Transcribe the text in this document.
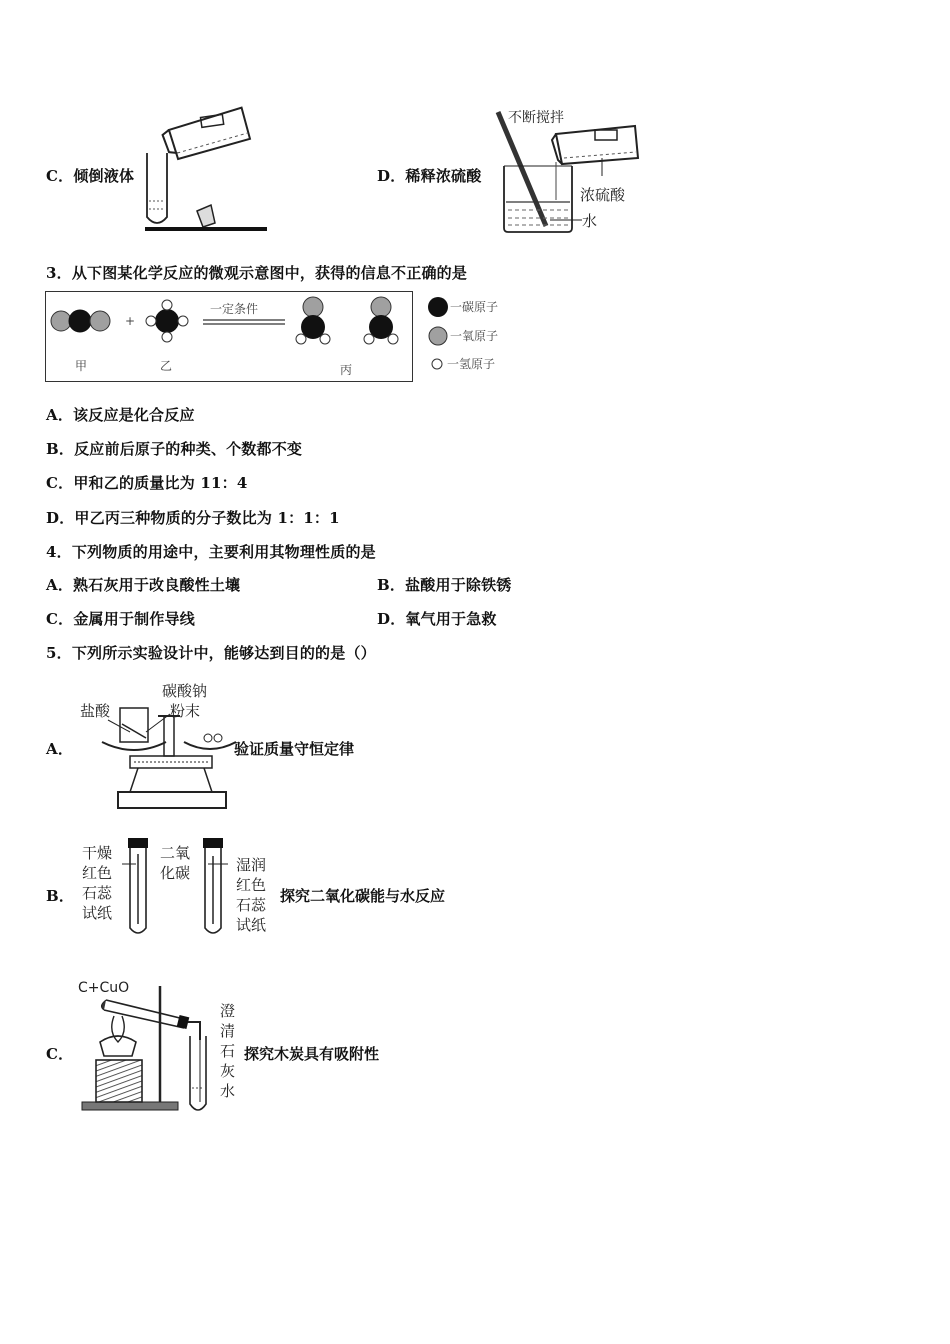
C．倾倒液体	D．稀释浓硫酸
不断搅拌
浓硫酸
水
3．从下图某化学反应的微观示意图中，获得的信息不正确的是
+
一定条件
甲	乙	丙
一碳原子
一氧原子
一氢原子
A．该反应是化合反应
B．反应前后原子的种类、个数都不变
C．甲和乙的质量比为 11：4
D．甲乙丙三种物质的分子数比为 1：1：1
4．下列物质的用途中，主要利用其物理性质的是
A．熟石灰用于改良酸性土壤	B．盐酸用于除铁锈
C．金属用于制作导线	D．氧气用于急救
5．下列所示实验设计中，能够达到目的的是（）
A．
盐酸
碳酸钠
粉末
验证质量守恒定律
B．
干燥
红色
石蕊
试纸
二氧
化碳	湿润
红色
石蕊
试纸
探究二氧化碳能与水反应
C．
C+CuO
澄
清
石
灰
水
探究木炭具有吸附性
